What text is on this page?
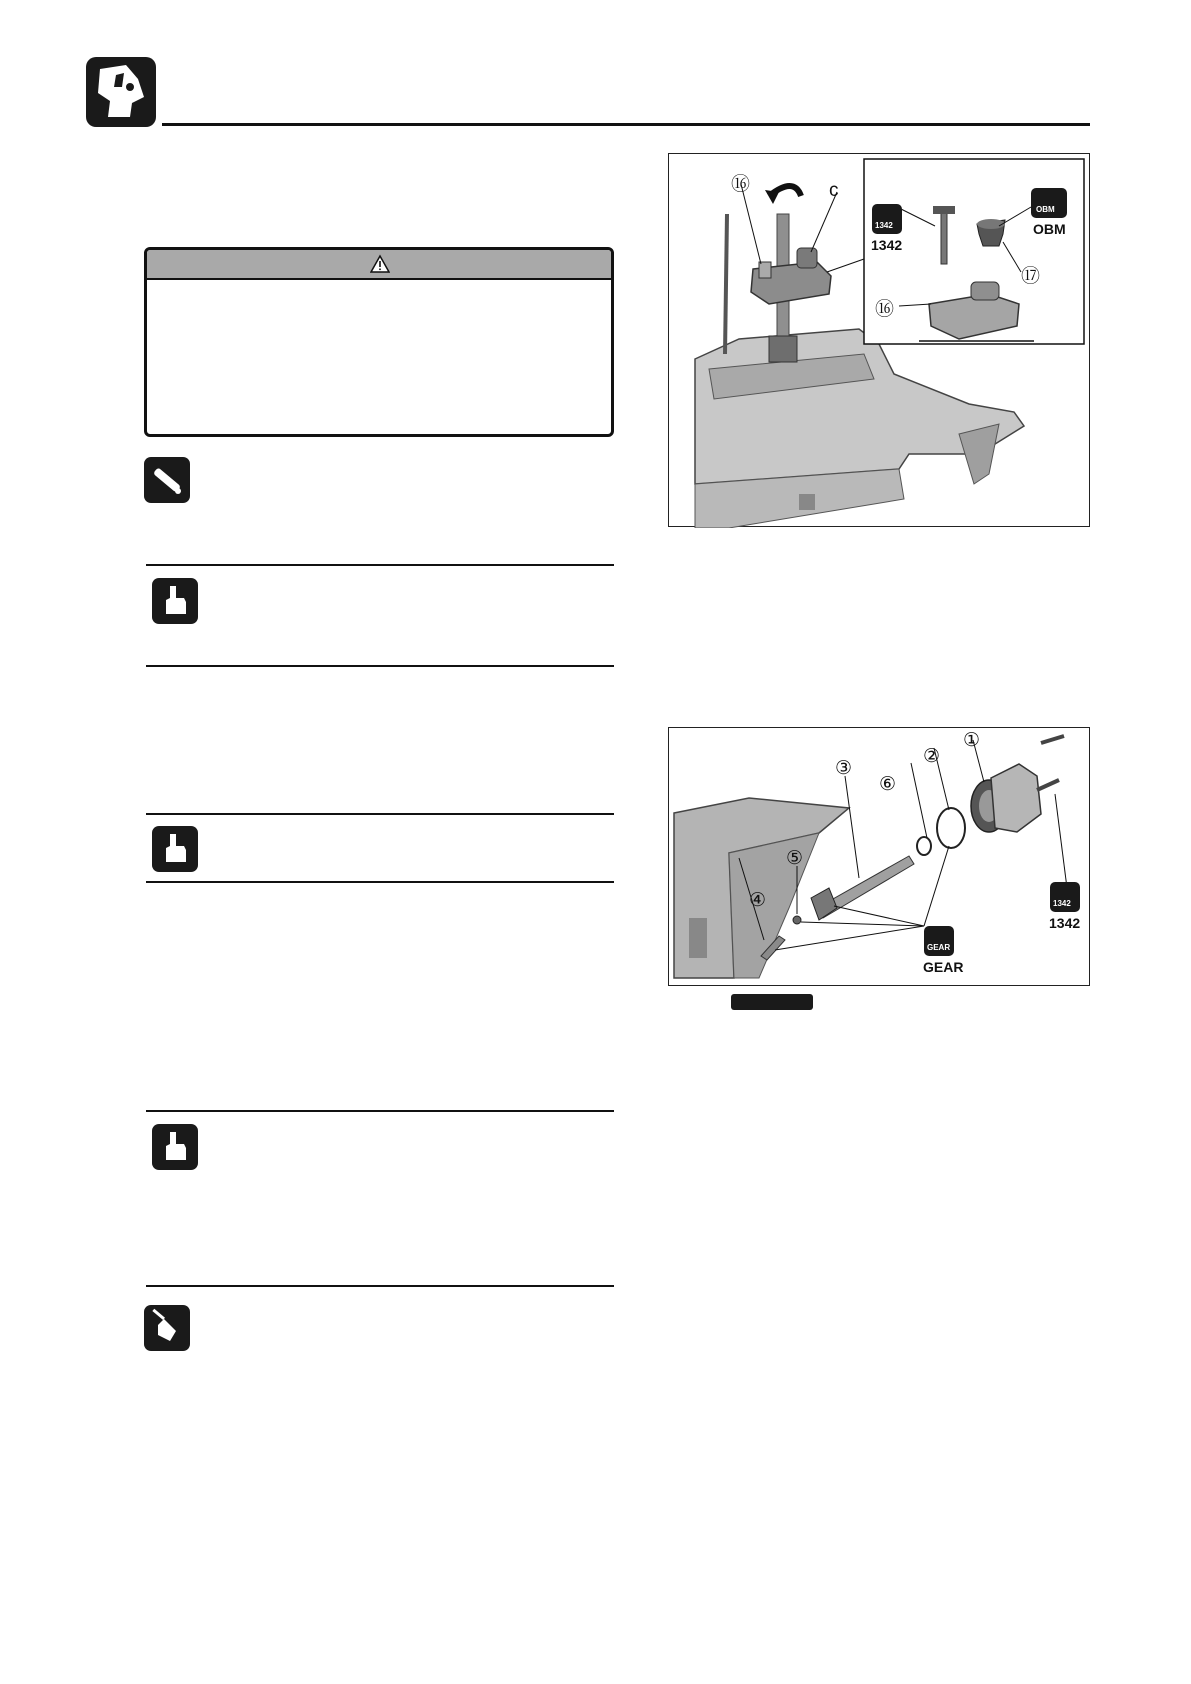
⑯	c
⑰
⑯
1342
1342
OBM
OBM
①
②
③
④
⑤
⑥
1342
1342
GEAR
GEAR
